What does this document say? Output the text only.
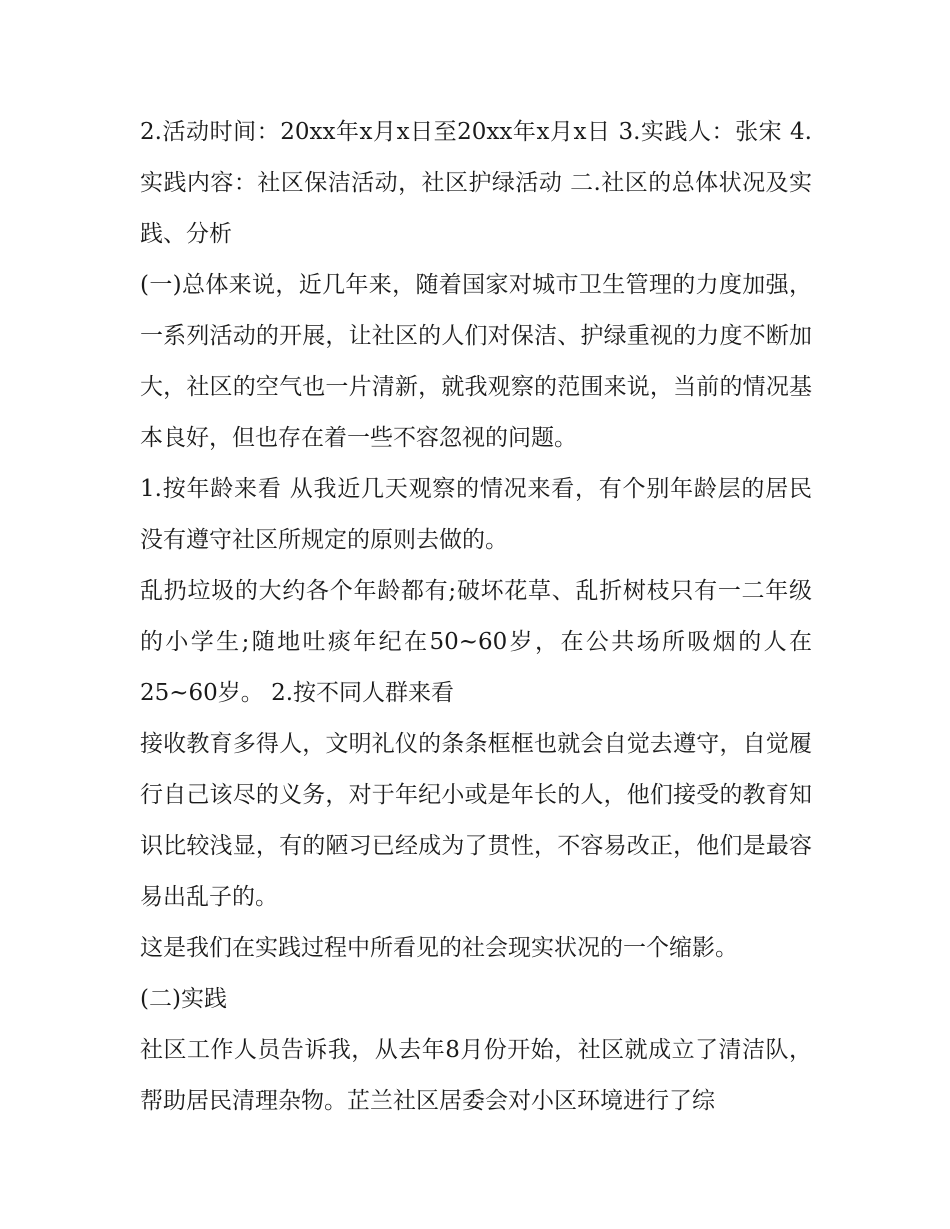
2.活动时间：20xx年x月x日至20xx年x月x日 3.实践人：张宋 4.实践内容：社区保洁活动，社区护绿活动 二.社区的总体状况及实践、分析

(一)总体来说，近几年来，随着国家对城市卫生管理的力度加强，一系列活动的开展，让社区的人们对保洁、护绿重视的力度不断加大，社区的空气也一片清新，就我观察的范围来说，当前的情况基本良好，但也存在着一些不容忽视的问题。

1.按年龄来看 从我近几天观察的情况来看，有个别年龄层的居民没有遵守社区所规定的原则去做的。

乱扔垃圾的大约各个年龄都有;破坏花草、乱折树枝只有一二年级的小学生;随地吐痰年纪在50~60岁，在公共场所吸烟的人在25~60岁。 2.按不同人群来看

接收教育多得人，文明礼仪的条条框框也就会自觉去遵守，自觉履行自己该尽的义务，对于年纪小或是年长的人，他们接受的教育知识比较浅显，有的陋习已经成为了贯性，不容易改正，他们是最容易出乱子的。

这是我们在实践过程中所看见的社会现实状况的一个缩影。

(二)实践

社区工作人员告诉我，从去年8月份开始，社区就成立了清洁队，帮助居民清理杂物。芷兰社区居委会对小区环境进行了综
